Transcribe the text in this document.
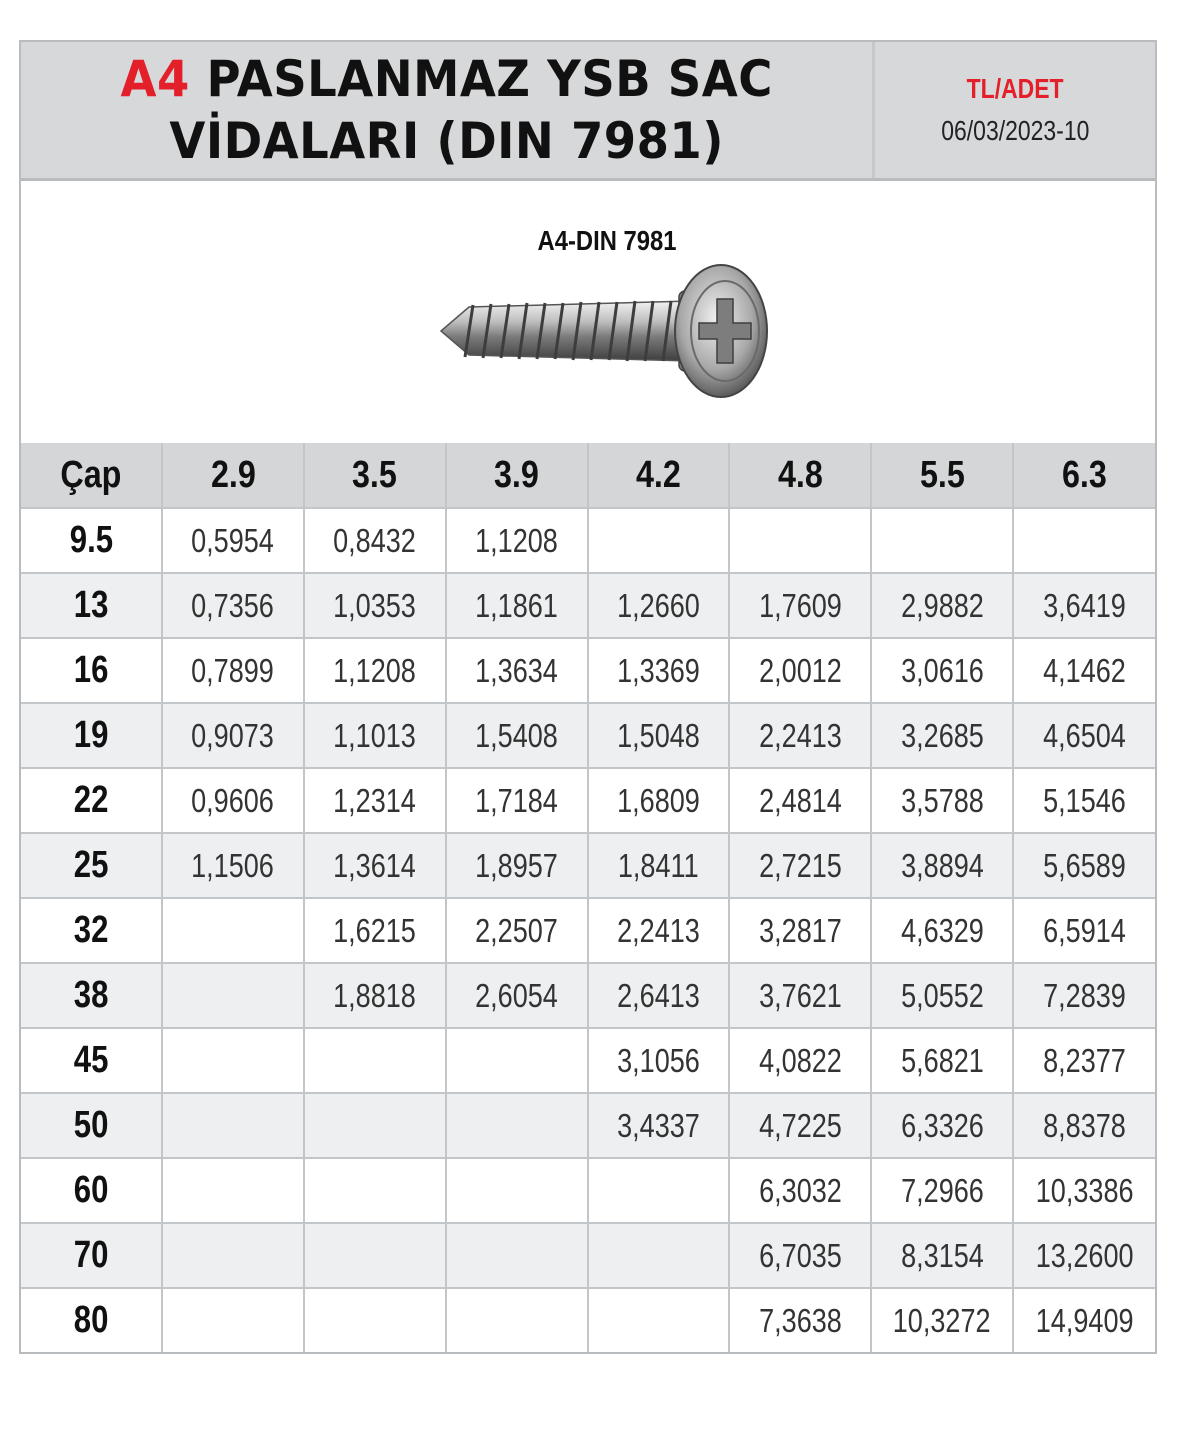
A4 PASLANMAZ YSB SAC
VİDALARI (DIN 7981)
TL/ADET
06/03/2023-10
A4-DIN 7981
Çap	2.9	3.5	3.9	4.2	4.8	5.5	6.3
9.5	0,5954	0,8432	1,1208				
13	0,7356	1,0353	1,1861	1,2660	1,7609	2,9882	3,6419
16	0,7899	1,1208	1,3634	1,3369	2,0012	3,0616	4,1462
19	0,9073	1,1013	1,5408	1,5048	2,2413	3,2685	4,6504
22	0,9606	1,2314	1,7184	1,6809	2,4814	3,5788	5,1546
25	1,1506	1,3614	1,8957	1,8411	2,7215	3,8894	5,6589
32		1,6215	2,2507	2,2413	3,2817	4,6329	6,5914
38		1,8818	2,6054	2,6413	3,7621	5,0552	7,2839
45				3,1056	4,0822	5,6821	8,2377
50				3,4337	4,7225	6,3326	8,8378
60					6,3032	7,2966	10,3386
70					6,7035	8,3154	13,2600
80					7,3638	10,3272	14,9409
